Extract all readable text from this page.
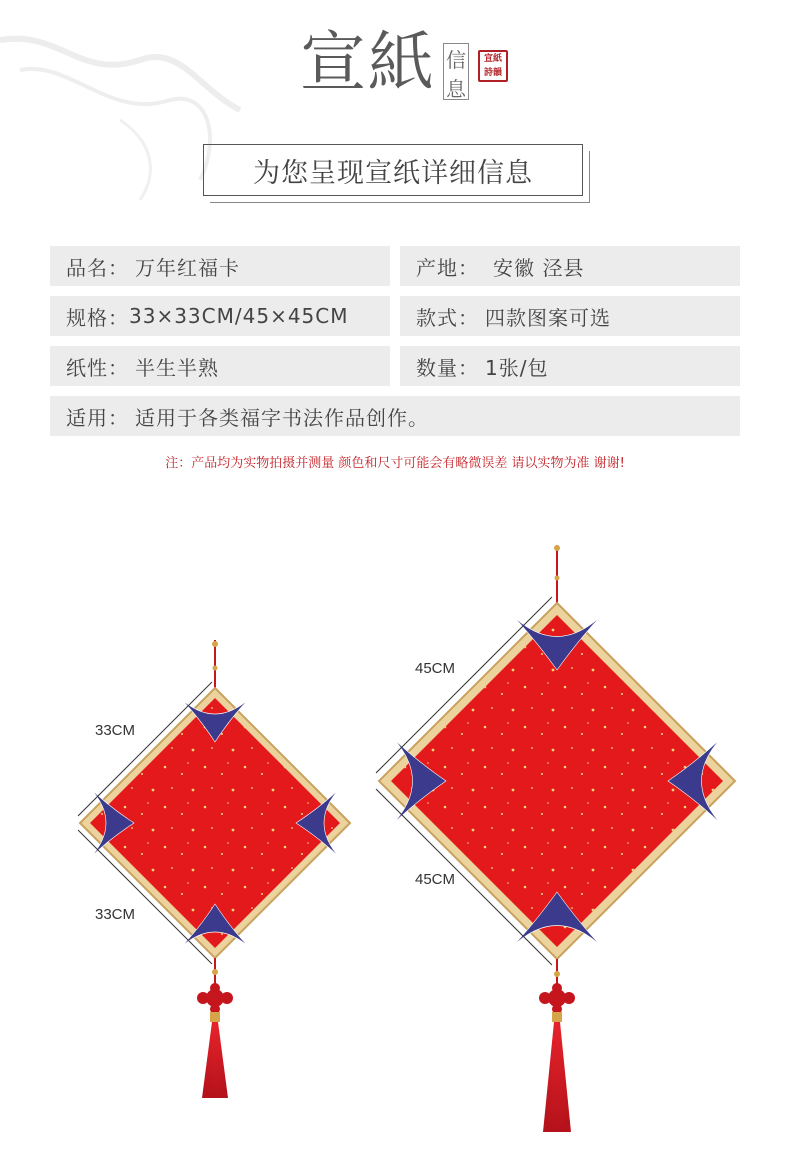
宣紙 信
息
宣 紙
詩 韻
为您呈现宣纸详细信息
品名： 万年红福卡	产地： 安徽 泾县
规格： 33×33CM/45×45CM	款式： 四款图案可选
纸性： 半生半熟	数量： 1张/包
适用： 适用于各类福字书法作品创作。
注：产品均为实物拍摄并测量 颜色和尺寸可能会有略微误差 请以实物为准 谢谢!
33CM
33CM
45CM
45CM
